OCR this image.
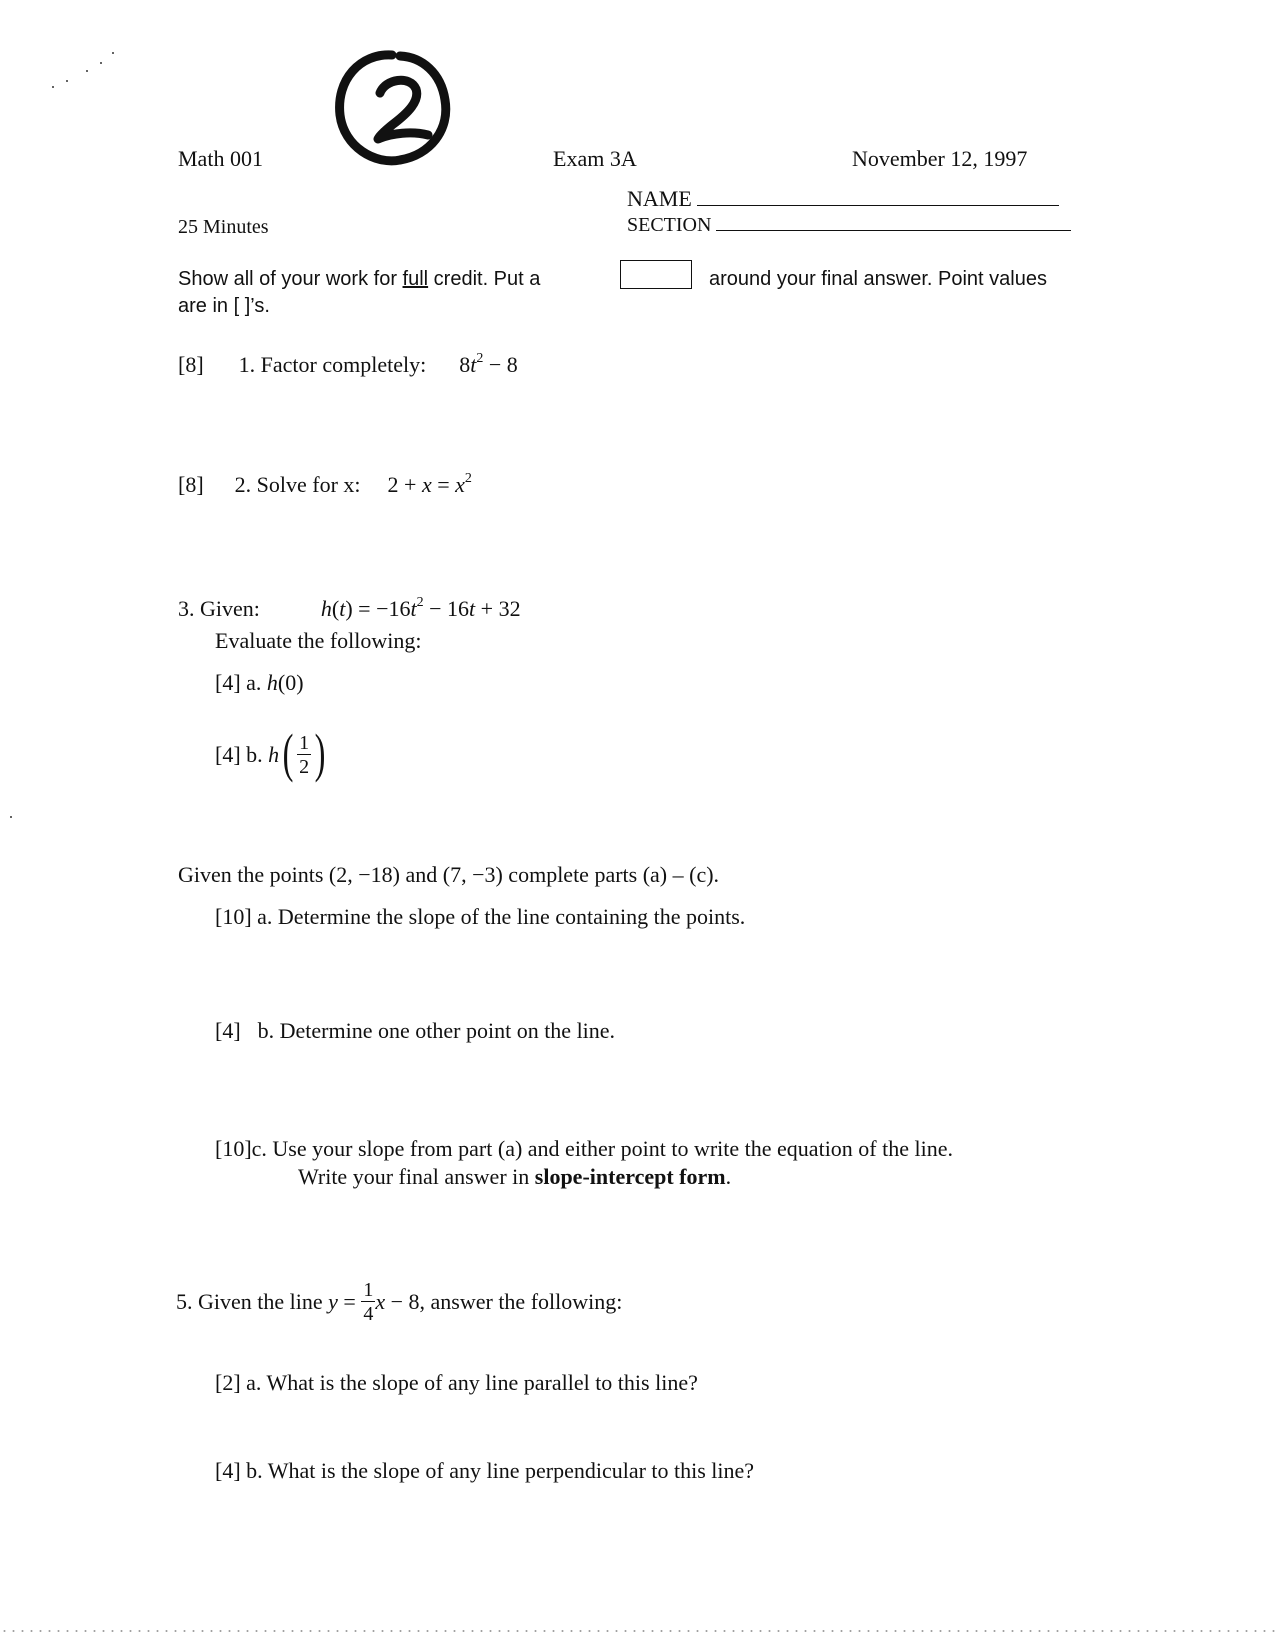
2
Math 001	Exam 3A	November 12, 1997
NAME
25 Minutes	SECTION
Show all of your work for full credit. Put a	around your final answer. Point values
are in [ ]’s.
[8] 1. Factor completely: $8t^2 - 8$
[8] 2. Solve for x: $2 + x = x^2$
3. Given:	$h(t) = -16t^2 - 16t + 32$
Evaluate the following:
[4] a. h(0)
[4] b. $h( \frac{1}{2}$ )
Given the points (2, −18) and (7, −3) complete parts (a) – (c).
[10] a. Determine the slope of the line containing the points.
[4] b. Determine one other point on the line.
[10]c. Use your slope from part (a) and either point to write the equation of the line.
Write your final answer in slope-intercept form.
5. Given the line $y = \frac{1}{4}$ x − 8, answer the following:
[2] a. What is the slope of any line parallel to this line?
[4] b. What is the slope of any line perpendicular to this line?
